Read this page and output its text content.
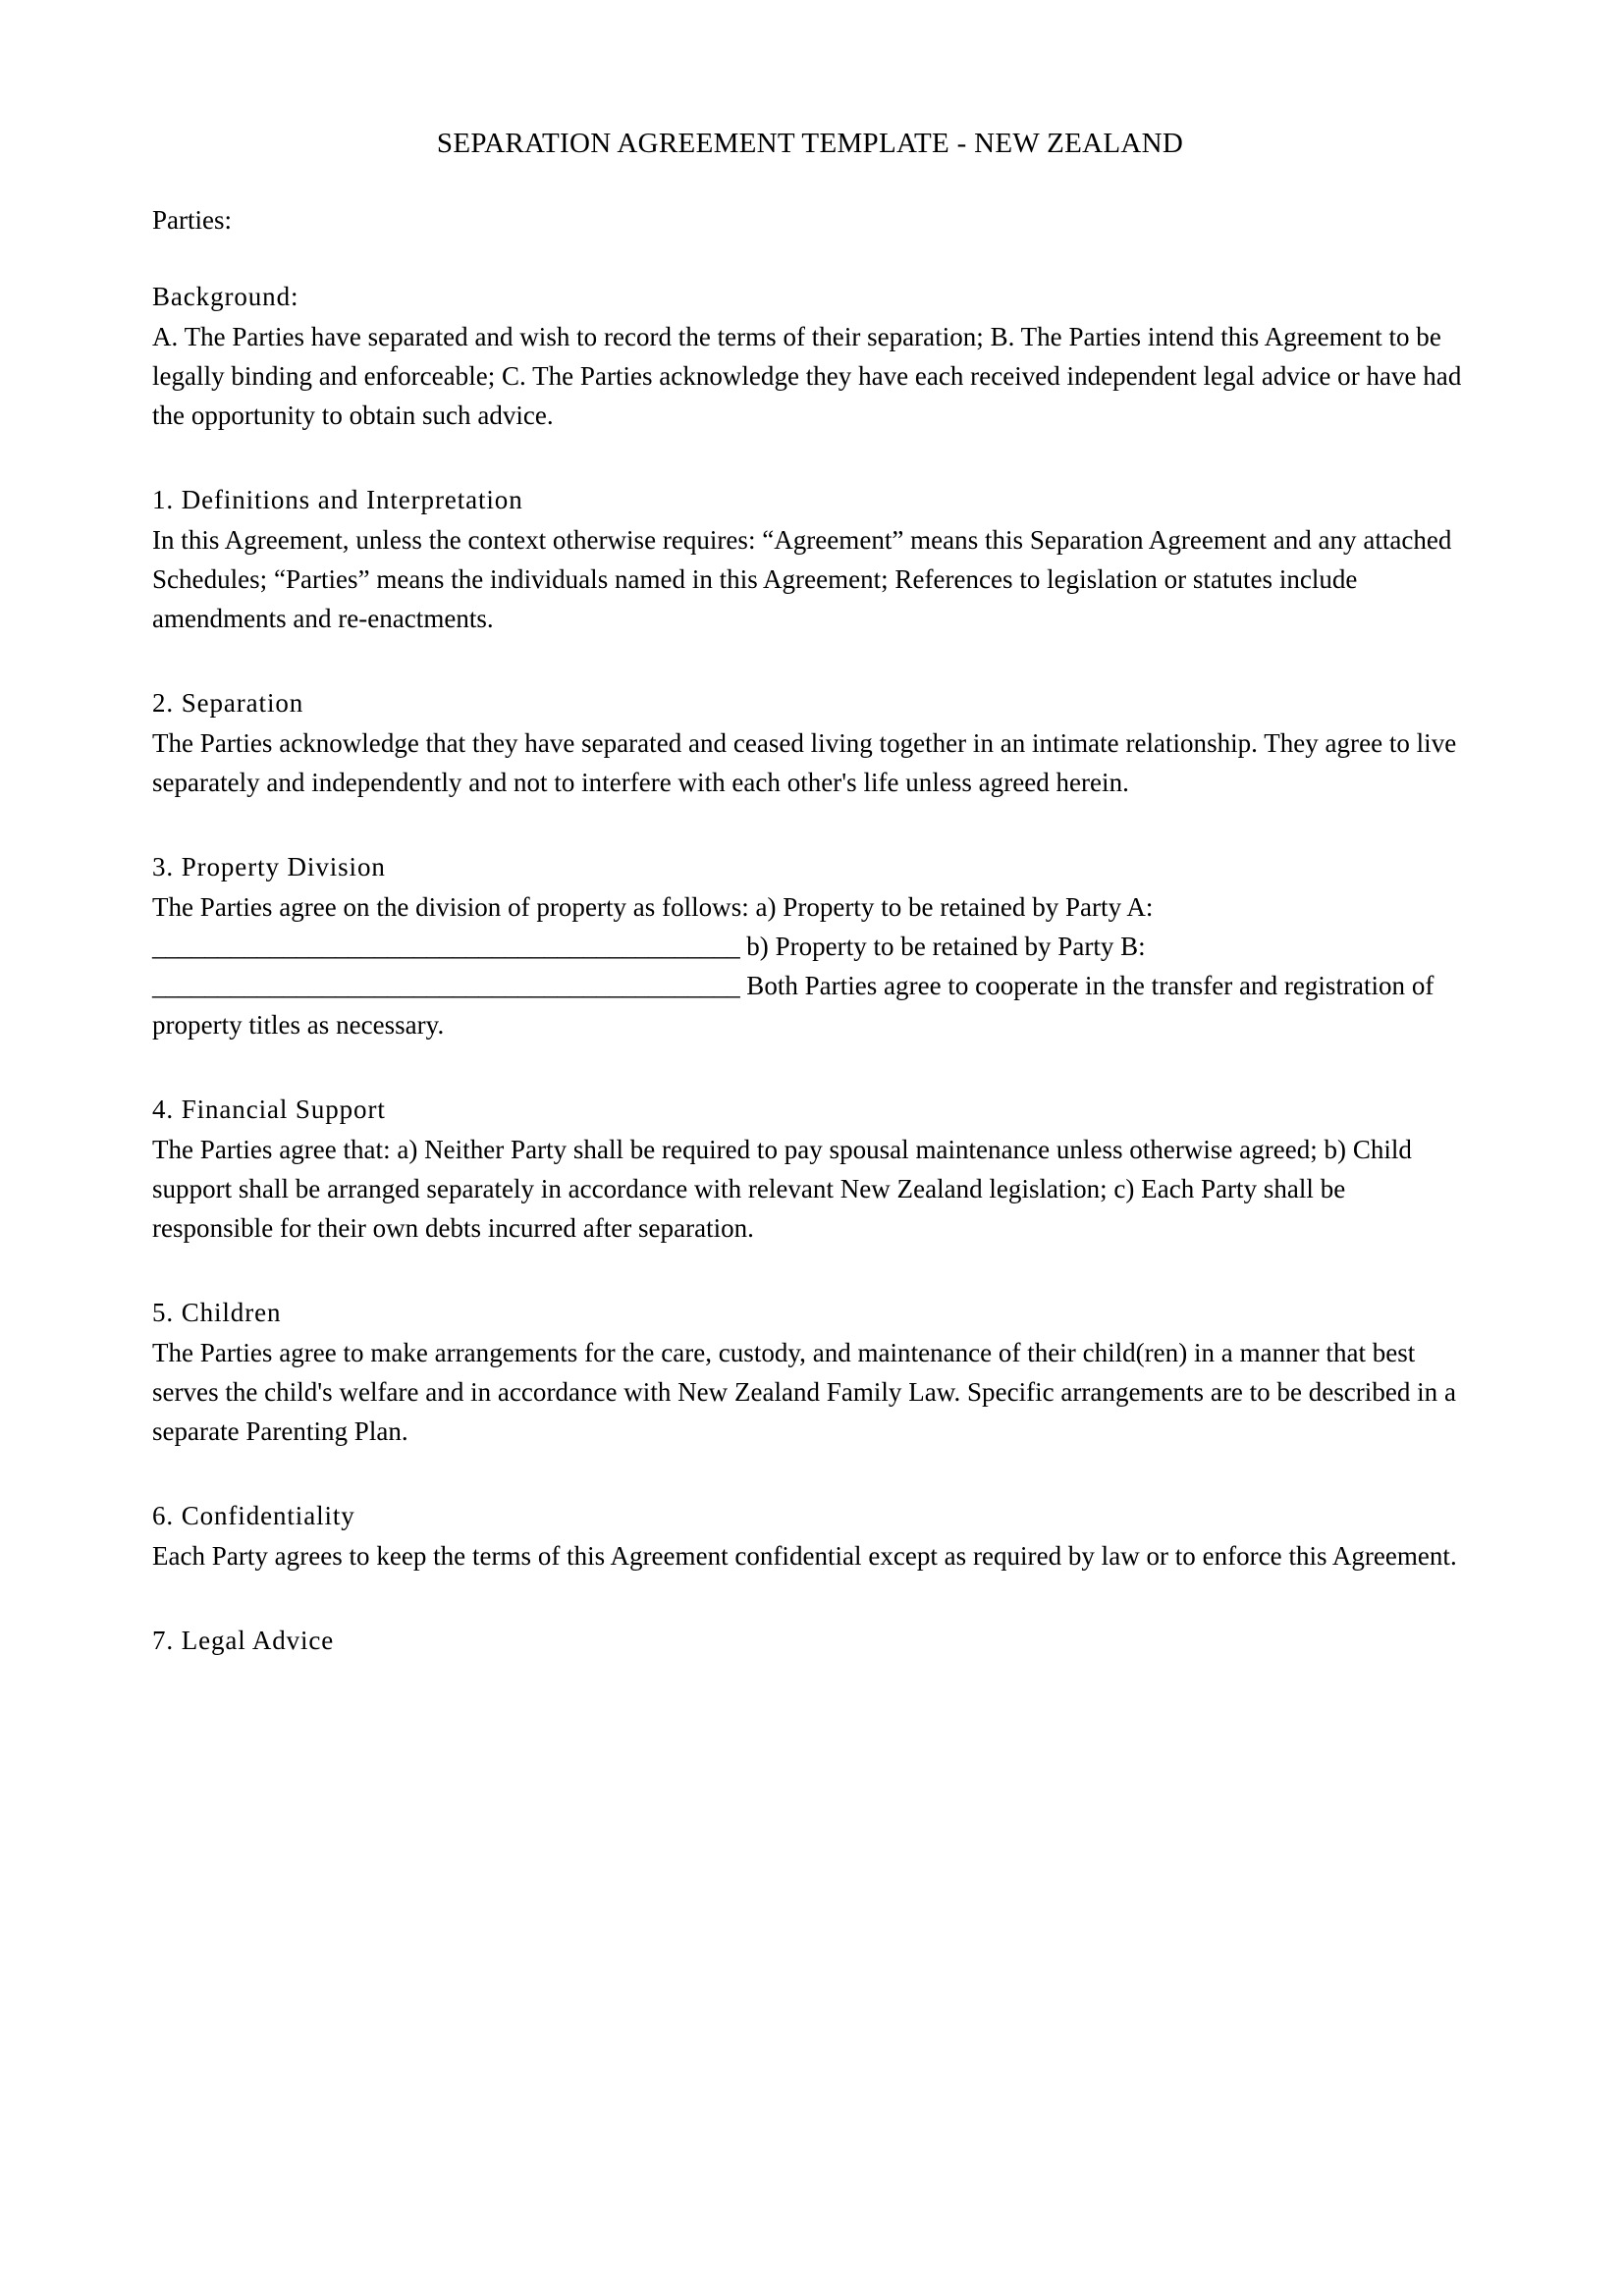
SEPARATION AGREEMENT TEMPLATE - NEW ZEALAND
Parties:
Background:

A. The Parties have separated and wish to record the terms of their separation; B. The Parties intend this Agreement to be legally binding and enforceable; C. The Parties acknowledge they have each received independent legal advice or have had the opportunity to obtain such advice.

1. Definitions and Interpretation

In this Agreement, unless the context otherwise requires: “Agreement” means this Separation Agreement and any attached Schedules; “Parties” means the individuals named in this Agreement; References to legislation or statutes include amendments and re-enactments.

2. Separation

The Parties acknowledge that they have separated and ceased living together in an intimate relationship. They agree to live separately and independently and not to interfere with each other's life unless agreed herein.

3. Property Division

The Parties agree on the division of property as follows: a) Property to be retained by Party A: _____________________________________________ b) Property to be retained by Party B: _____________________________________________ Both Parties agree to cooperate in the transfer and registration of property titles as necessary.

4. Financial Support

The Parties agree that: a) Neither Party shall be required to pay spousal maintenance unless otherwise agreed; b) Child support shall be arranged separately in accordance with relevant New Zealand legislation; c) Each Party shall be responsible for their own debts incurred after separation.

5. Children

The Parties agree to make arrangements for the care, custody, and maintenance of their child(ren) in a manner that best serves the child's welfare and in accordance with New Zealand Family Law. Specific arrangements are to be described in a separate Parenting Plan.

6. Confidentiality

Each Party agrees to keep the terms of this Agreement confidential except as required by law or to enforce this Agreement.

7. Legal Advice
